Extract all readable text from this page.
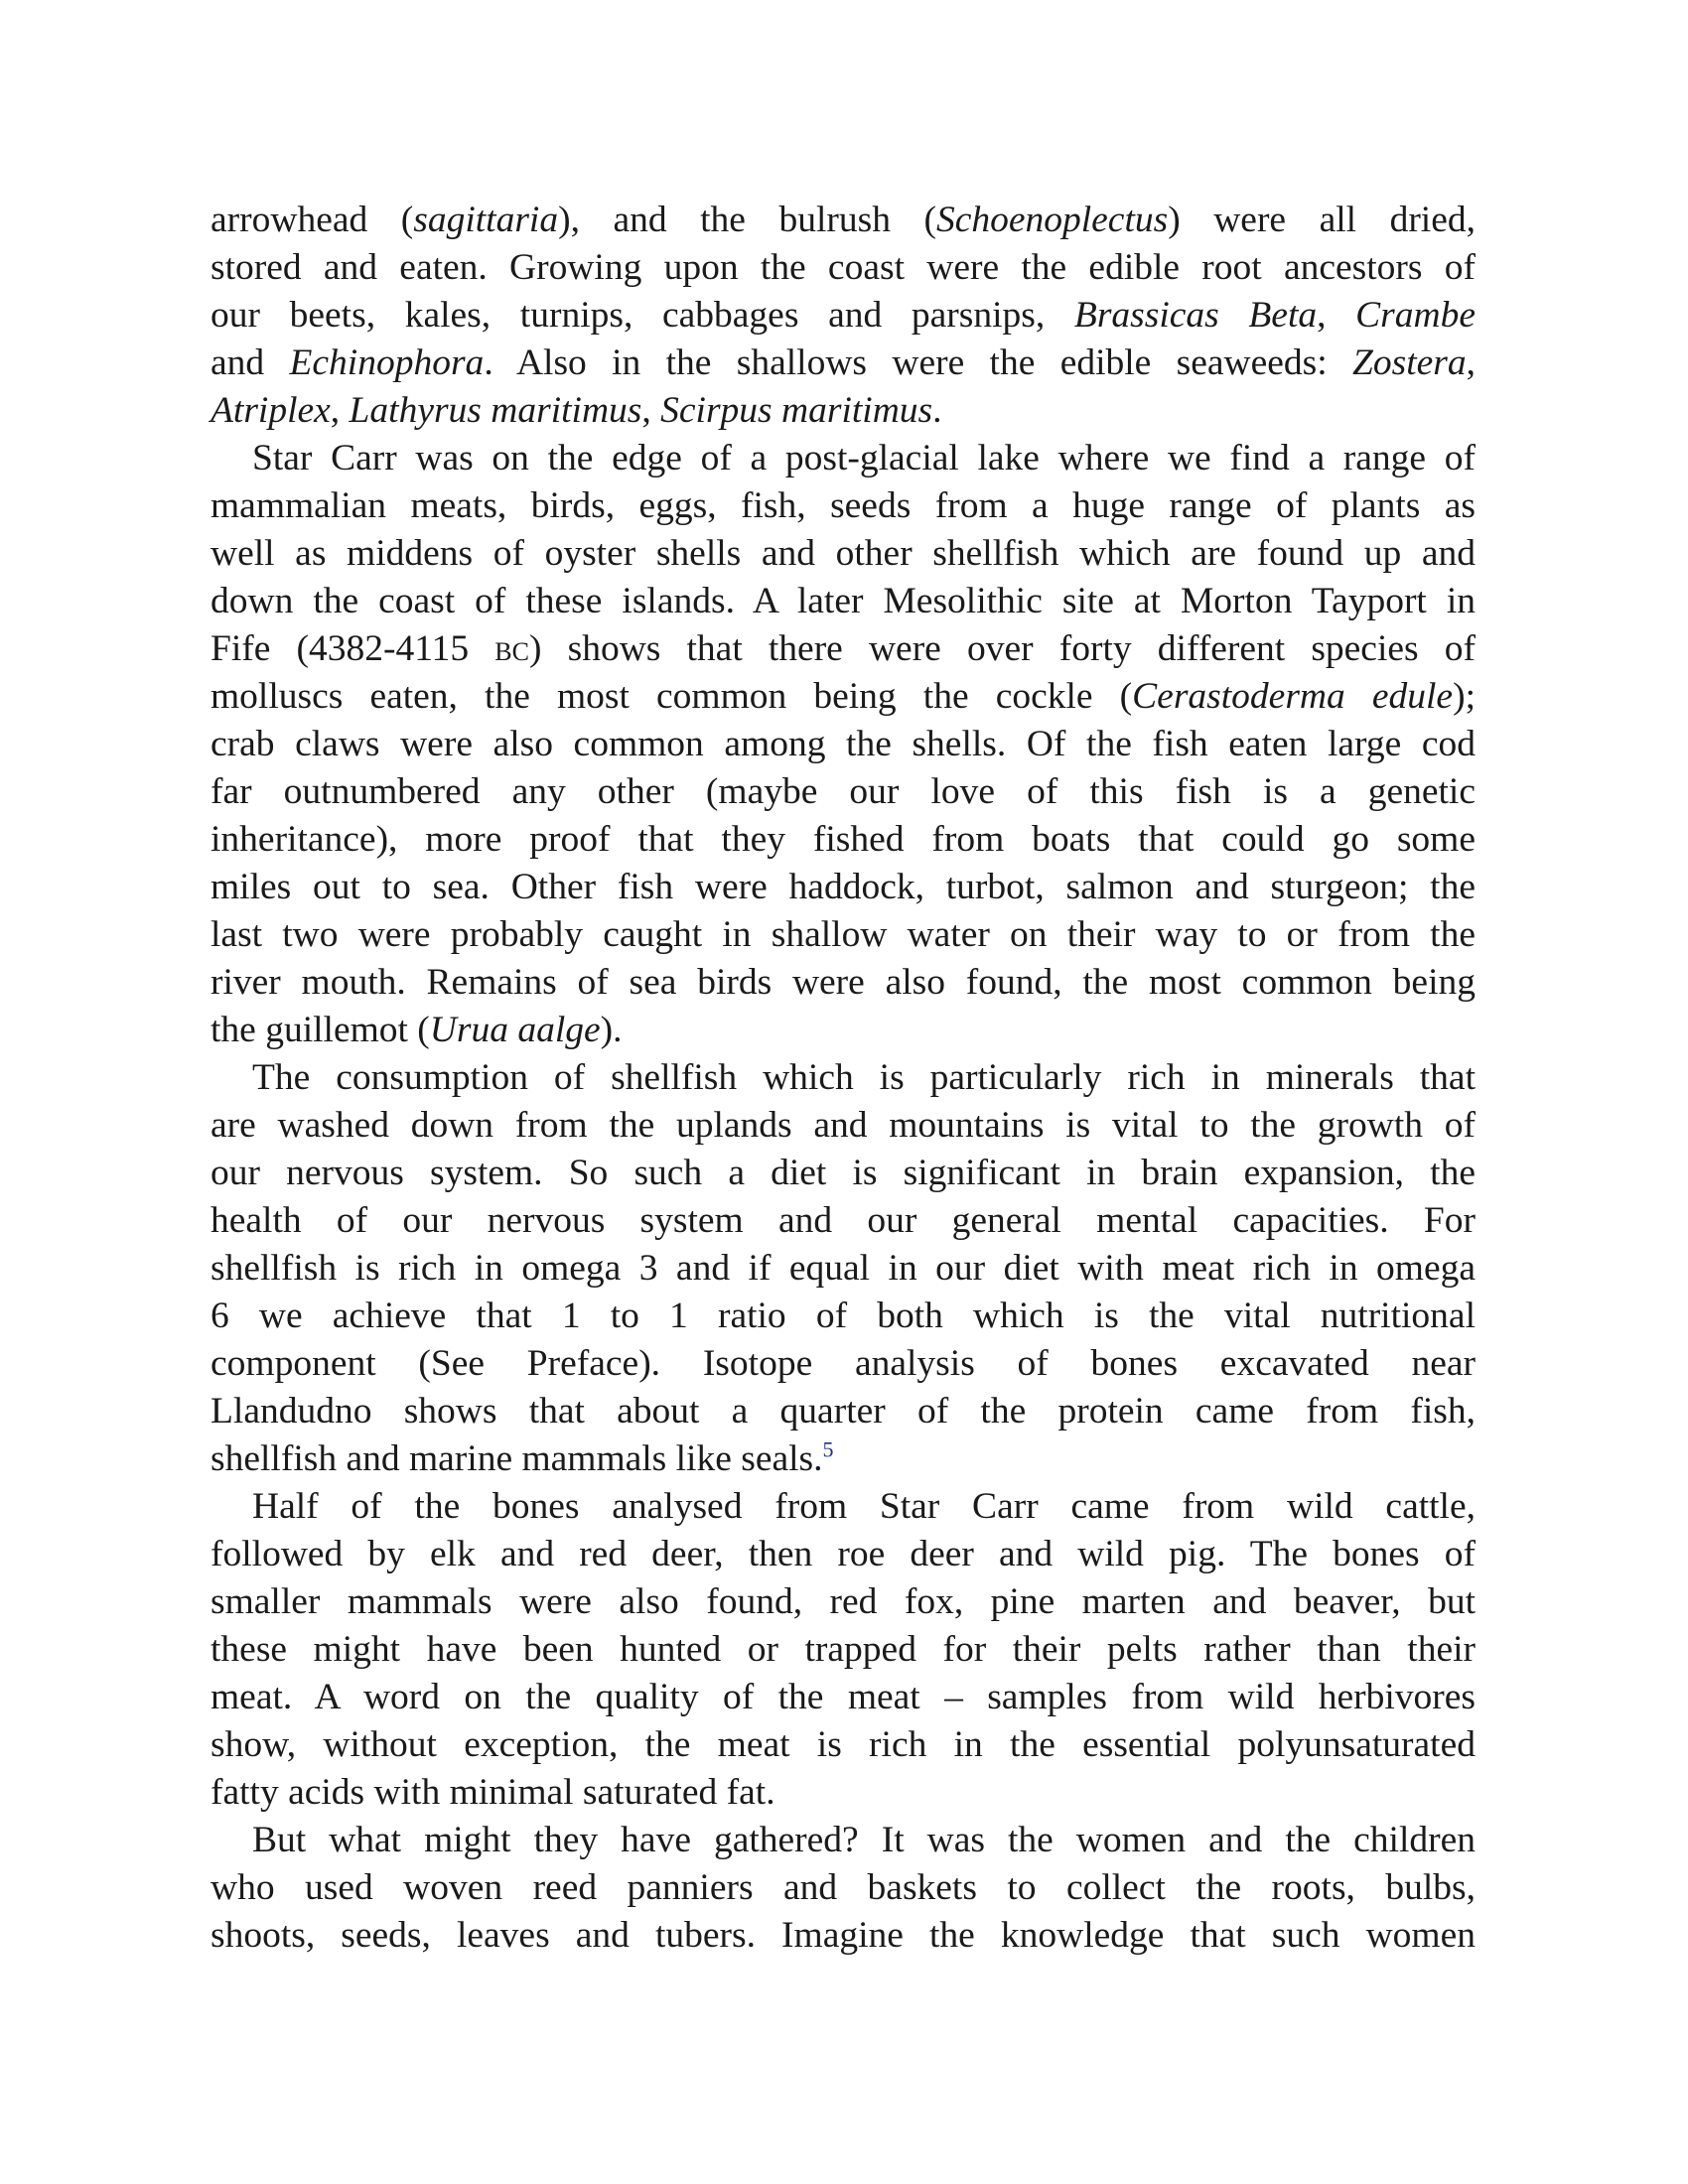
arrowhead (sagittaria), and the bulrush (Schoenoplectus) were all dried,
stored and eaten. Growing upon the coast were the edible root ancestors of
our beets, kales, turnips, cabbages and parsnips, Brassicas Beta, Crambe
and Echinophora. Also in the shallows were the edible seaweeds: Zostera,
Atriplex, Lathyrus maritimus, Scirpus maritimus.
Star Carr was on the edge of a post-glacial lake where we find a range of
mammalian meats, birds, eggs, fish, seeds from a huge range of plants as
well as middens of oyster shells and other shellfish which are found up and
down the coast of these islands. A later Mesolithic site at Morton Tayport in
Fife (4382-4115 bc) shows that there were over forty different species of
molluscs eaten, the most common being the cockle (Cerastoderma edule);
crab claws were also common among the shells. Of the fish eaten large cod
far outnumbered any other (maybe our love of this fish is a genetic
inheritance), more proof that they fished from boats that could go some
miles out to sea. Other fish were haddock, turbot, salmon and sturgeon; the
last two were probably caught in shallow water on their way to or from the
river mouth. Remains of sea birds were also found, the most common being
the guillemot (Urua aalge).
The consumption of shellfish which is particularly rich in minerals that
are washed down from the uplands and mountains is vital to the growth of
our nervous system. So such a diet is significant in brain expansion, the
health of our nervous system and our general mental capacities. For
shellfish is rich in omega 3 and if equal in our diet with meat rich in omega
6 we achieve that 1 to 1 ratio of both which is the vital nutritional
component (See Preface). Isotope analysis of bones excavated near
Llandudno shows that about a quarter of the protein came from fish,
shellfish and marine mammals like seals.$^5$
Half of the bones analysed from Star Carr came from wild cattle,
followed by elk and red deer, then roe deer and wild pig. The bones of
smaller mammals were also found, red fox, pine marten and beaver, but
these might have been hunted or trapped for their pelts rather than their
meat. A word on the quality of the meat – samples from wild herbivores
show, without exception, the meat is rich in the essential polyunsaturated
fatty acids with minimal saturated fat.
But what might they have gathered? It was the women and the children
who used woven reed panniers and baskets to collect the roots, bulbs,
shoots, seeds, leaves and tubers. Imagine the knowledge that such women
